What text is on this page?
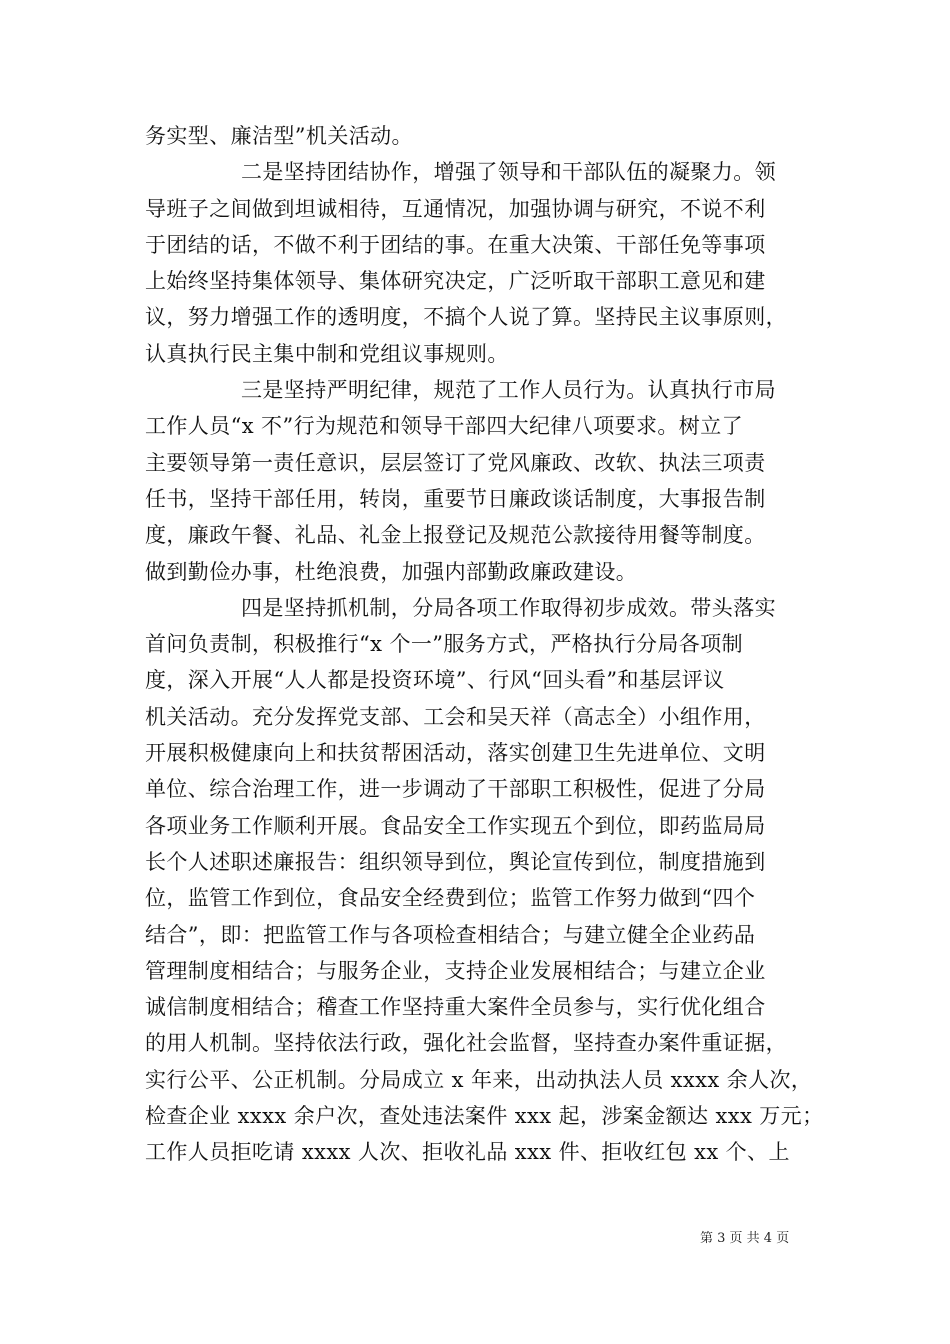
务实型、廉洁型”机关活动。
二是坚持团结协作，增强了领导和干部队伍的凝聚力。领
导班子之间做到坦诚相待，互通情况，加强协调与研究，不说不利
于团结的话，不做不利于团结的事。在重大决策、干部任免等事项
上始终坚持集体领导、集体研究决定，广泛听取干部职工意见和建
议，努力增强工作的透明度，不搞个人说了算。坚持民主议事原则，
认真执行民主集中制和党组议事规则。
三是坚持严明纪律，规范了工作人员行为。认真执行市局
工作人员“x 不”行为规范和领导干部四大纪律八项要求。树立了
主要领导第一责任意识，层层签订了党风廉政、改软、执法三项责
任书，坚持干部任用，转岗，重要节日廉政谈话制度，大事报告制
度，廉政午餐、礼品、礼金上报登记及规范公款接待用餐等制度。
做到勤俭办事，杜绝浪费，加强内部勤政廉政建设。
四是坚持抓机制，分局各项工作取得初步成效。带头落实
首问负责制，积极推行“x 个一”服务方式，严格执行分局各项制
度，深入开展“人人都是投资环境”、行风“回头看”和基层评议
机关活动。充分发挥党支部、工会和吴天祥（高志全）小组作用，
开展积极健康向上和扶贫帮困活动，落实创建卫生先进单位、文明
单位、综合治理工作，进一步调动了干部职工积极性，促进了分局
各项业务工作顺利开展。食品安全工作实现五个到位，即药监局局
长个人述职述廉报告：组织领导到位，舆论宣传到位，制度措施到
位，监管工作到位，食品安全经费到位；监管工作努力做到“四个
结合”，即：把监管工作与各项检查相结合；与建立健全企业药品
管理制度相结合；与服务企业，支持企业发展相结合；与建立企业
诚信制度相结合；稽查工作坚持重大案件全员参与，实行优化组合
的用人机制。坚持依法行政，强化社会监督，坚持查办案件重证据，
实行公平、公正机制。分局成立 x 年来，出动执法人员 xxxx 余人次，
检查企业 xxxx 余户次，查处违法案件 xxx 起，涉案金额达 xxx 万元；
工作人员拒吃请 xxxx 人次、拒收礼品 xxx 件、拒收红包 xx 个、上
第 3 页 共 4 页
